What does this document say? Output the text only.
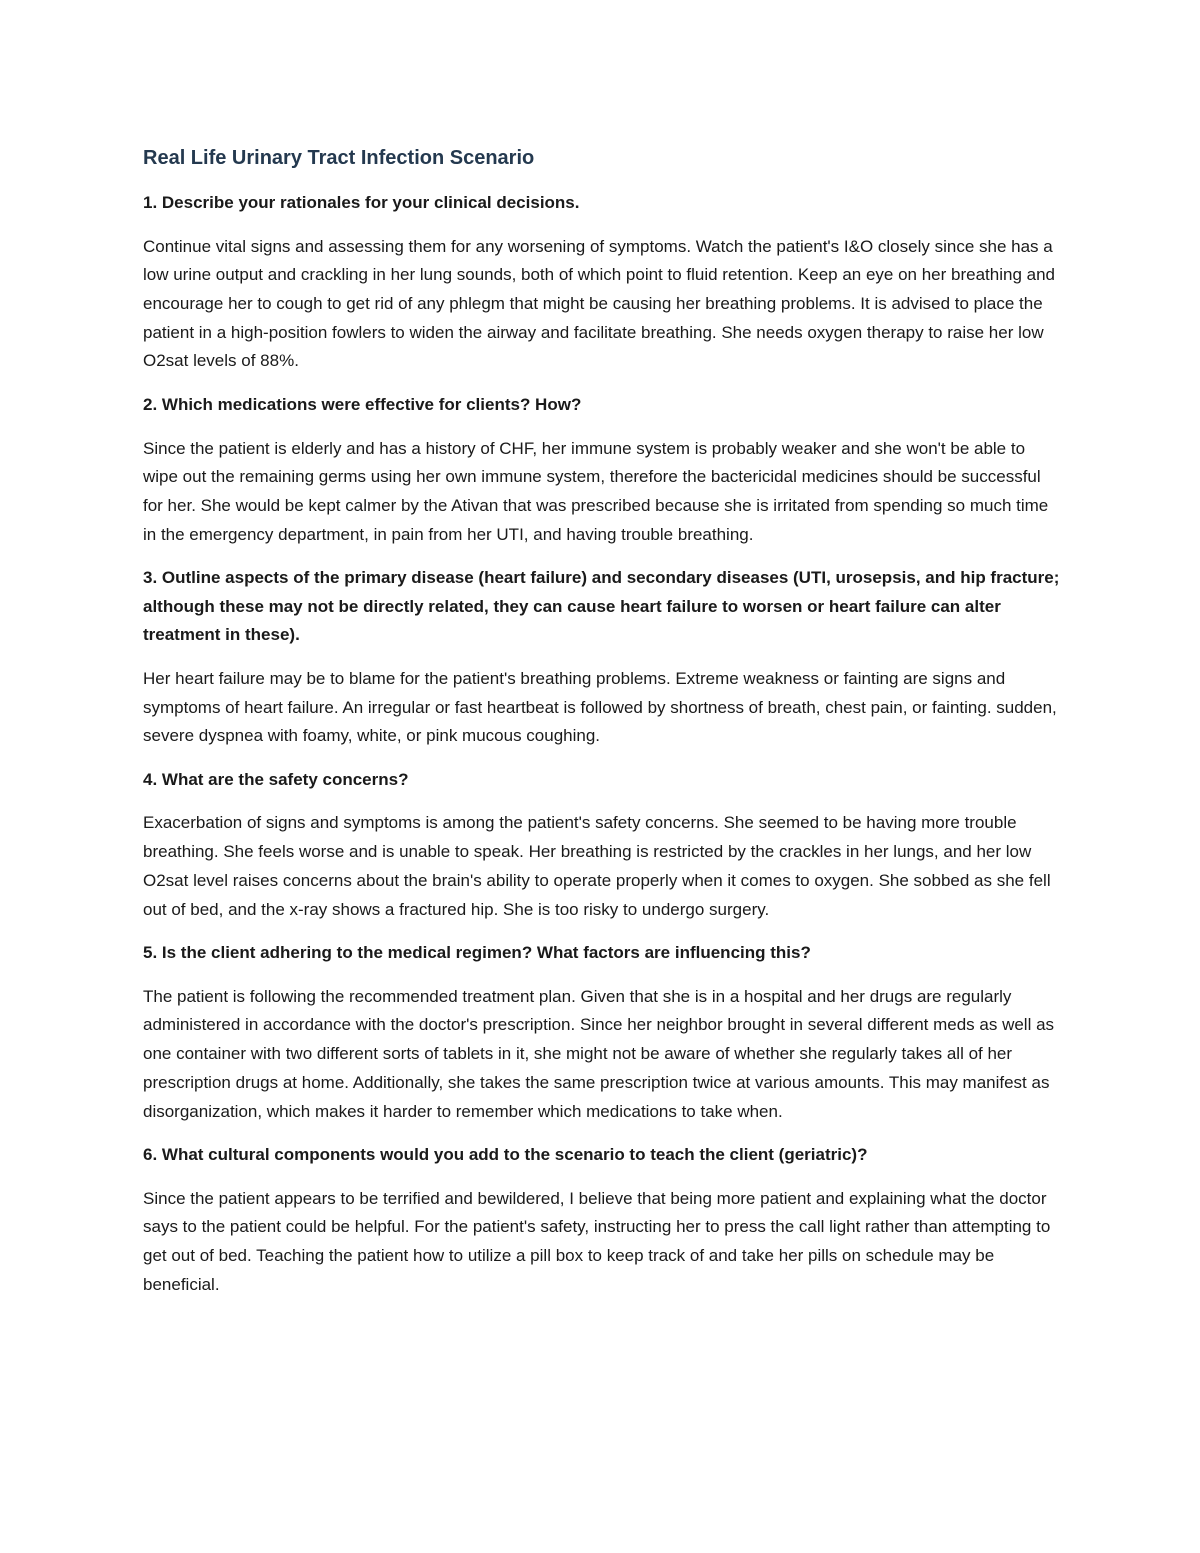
Real Life Urinary Tract Infection Scenario

1. Describe your rationales for your clinical decisions.

Continue vital signs and assessing them for any worsening of symptoms. Watch the patient's I&O closely since she has a low urine output and crackling in her lung sounds, both of which point to fluid retention. Keep an eye on her breathing and encourage her to cough to get rid of any phlegm that might be causing her breathing problems. It is advised to place the patient in a high-position fowlers to widen the airway and facilitate breathing. She needs oxygen therapy to raise her low O2sat levels of 88%.

2. Which medications were effective for clients? How?

Since the patient is elderly and has a history of CHF, her immune system is probably weaker and she won't be able to wipe out the remaining germs using her own immune system, therefore the bactericidal medicines should be successful for her. She would be kept calmer by the Ativan that was prescribed because she is irritated from spending so much time in the emergency department, in pain from her UTI, and having trouble breathing.

3. Outline aspects of the primary disease (heart failure) and secondary diseases (UTI, urosepsis, and hip fracture; although these may not be directly related, they can cause heart failure to worsen or heart failure can alter treatment in these).

Her heart failure may be to blame for the patient's breathing problems. Extreme weakness or fainting are signs and symptoms of heart failure. An irregular or fast heartbeat is followed by shortness of breath, chest pain, or fainting. sudden, severe dyspnea with foamy, white, or pink mucous coughing.

4. What are the safety concerns?

Exacerbation of signs and symptoms is among the patient's safety concerns. She seemed to be having more trouble breathing. She feels worse and is unable to speak. Her breathing is restricted by the crackles in her lungs, and her low O2sat level raises concerns about the brain's ability to operate properly when it comes to oxygen. She sobbed as she fell out of bed, and the x-ray shows a fractured hip. She is too risky to undergo surgery.

5. Is the client adhering to the medical regimen? What factors are influencing this?

The patient is following the recommended treatment plan. Given that she is in a hospital and her drugs are regularly administered in accordance with the doctor's prescription. Since her neighbor brought in several different meds as well as one container with two different sorts of tablets in it, she might not be aware of whether she regularly takes all of her prescription drugs at home. Additionally, she takes the same prescription twice at various amounts. This may manifest as disorganization, which makes it harder to remember which medications to take when.

6. What cultural components would you add to the scenario to teach the client (geriatric)?

Since the patient appears to be terrified and bewildered, I believe that being more patient and explaining what the doctor says to the patient could be helpful. For the patient's safety, instructing her to press the call light rather than attempting to get out of bed. Teaching the patient how to utilize a pill box to keep track of and take her pills on schedule may be beneficial.
